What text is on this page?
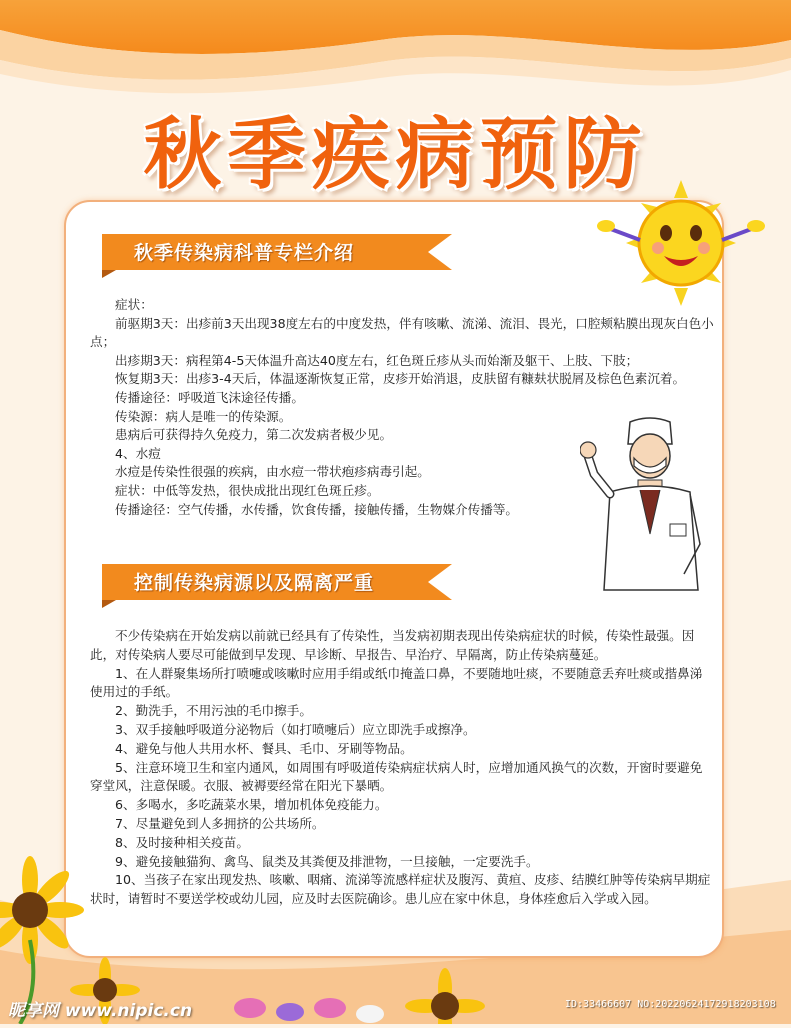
秋季疾病预防
秋季传染病科普专栏介绍

症状：

前驱期3天：出疹前3天出现38度左右的中度发热，伴有咳嗽、流涕、流泪、畏光，口腔颊粘膜出现灰白色小点；

出疹期3天：病程第4-5天体温升高达40度左右，红色斑丘疹从头而始渐及躯干、上肢、下肢；

恢复期3天：出疹3-4天后，体温逐渐恢复正常，皮疹开始消退，皮肤留有糠麸状脱屑及棕色色素沉着。

传播途径：呼吸道飞沫途径传播。

传染源：病人是唯一的传染源。

患病后可获得持久免疫力，第二次发病者极少见。

4、水痘

水痘是传染性很强的疾病，由水痘一带状疱疹病毒引起。

症状：中低等发热，很快成批出现红色斑丘疹。

传播途径：空气传播，水传播，饮食传播，接触传播，生物媒介传播等。

控制传染病源以及隔离严重

不少传染病在开始发病以前就已经具有了传染性，当发病初期表现出传染病症状的时候，传染性最强。因此，对传染病人要尽可能做到早发现、早诊断、早报告、早治疗、早隔离，防止传染病蔓延。

1、在人群聚集场所打喷嚏或咳嗽时应用手绢或纸巾掩盖口鼻，不要随地吐痰，不要随意丢弃吐痰或揩鼻涕使用过的手纸。

2、勤洗手，不用污浊的毛巾擦手。

3、双手接触呼吸道分泌物后（如打喷嚏后）应立即洗手或擦净。

4、避免与他人共用水杯、餐具、毛巾、牙刷等物品。

5、注意环境卫生和室内通风，如周围有呼吸道传染病症状病人时，应增加通风换气的次数，开窗时要避免穿堂风，注意保暖。衣服、被褥要经常在阳光下暴晒。

6、多喝水，多吃蔬菜水果，增加机体免疫能力。

7、尽量避免到人多拥挤的公共场所。

8、及时接种相关疫苗。

9、避免接触猫狗、禽鸟、鼠类及其粪便及排泄物，一旦接触，一定要洗手。

10、当孩子在家出现发热、咳嗽、咽痛、流涕等流感样症状及腹泻、黄疸、皮疹、结膜红肿等传染病早期症状时，请暂时不要送学校或幼儿园，应及时去医院确诊。患儿应在家中休息，身体痊愈后入学或入园。

昵享网 www.nipic.cn	ID:33466607 NO:20220624172918203108
